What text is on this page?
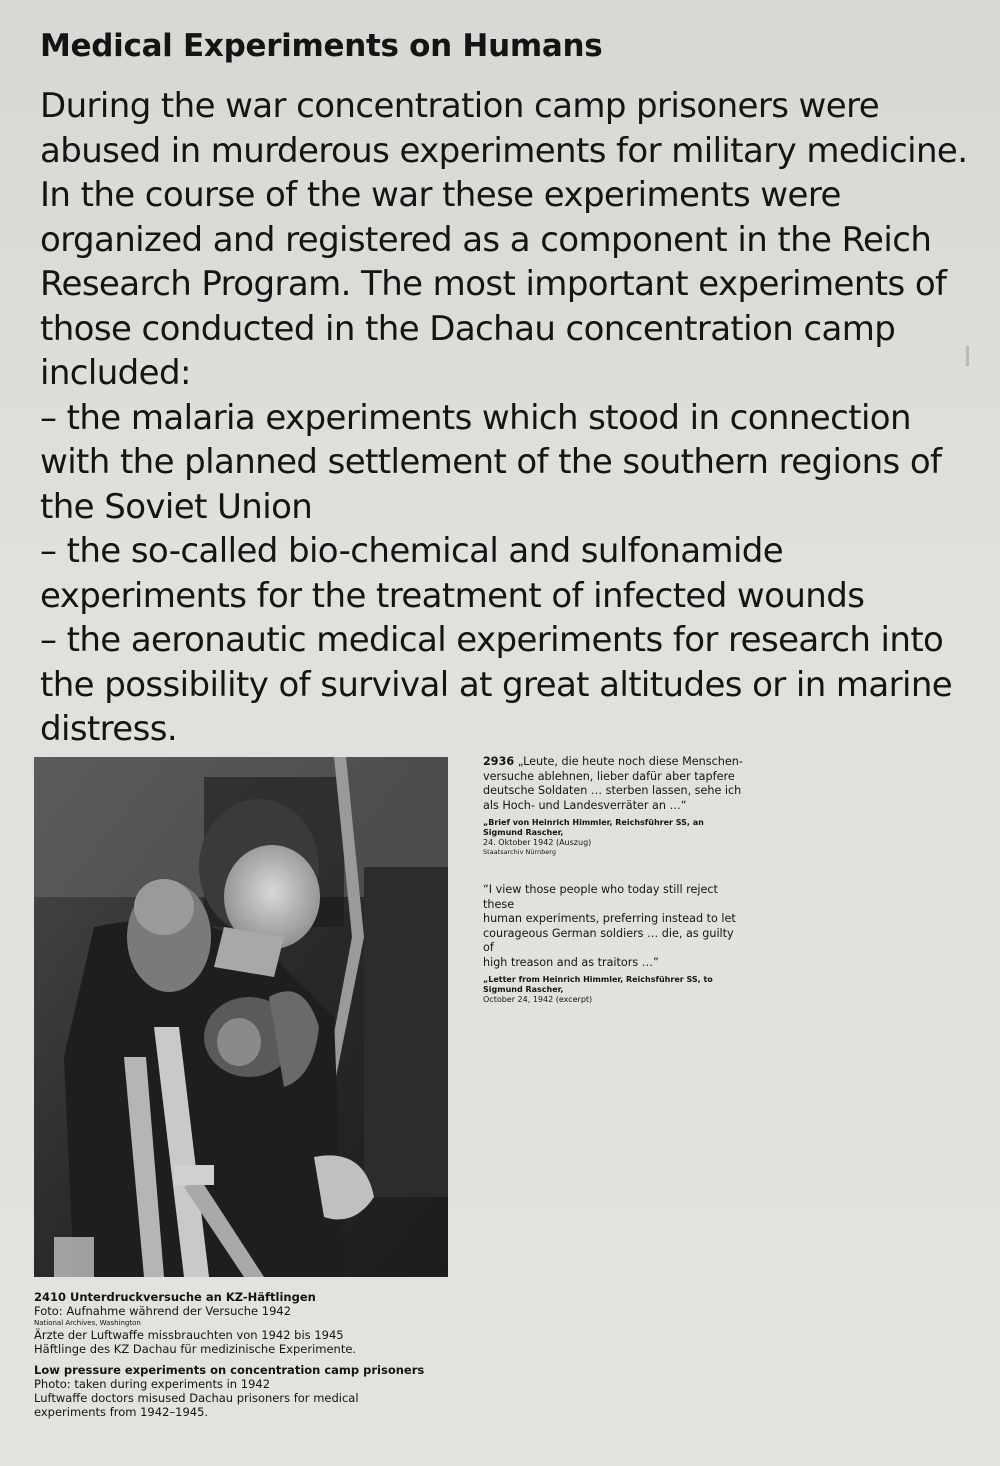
Medical Experiments on Humans

During the war concentration camp prisoners were abused in murderous experiments for military medicine. In the course of the war these experiments were organized and registered as a component in the Reich Research Program. The most important experiments of those conducted in the Dachau concentration camp included:

– the malaria experiments which stood in connection with the planned settlement of the southern regions of the Soviet Union

– the so-called bio-chemical and sulfonamide experiments for the treatment of infected wounds

– the aeronautic medical experiments for research into the possibility of survival at great altitudes or in marine distress.

2410 Unterdruckversuche an KZ-Häftlingen
Foto: Aufnahme während der Versuche 1942
National Archives, Washington
Ärzte der Luftwaffe missbrauchten von 1942 bis 1945
Häftlinge des KZ Dachau für medizinische Experimente.
Low pressure experiments on concentration camp prisoners
Photo: taken during experiments in 1942
Luftwaffe doctors misused Dachau prisoners for medical
experiments from 1942–1945.
2936 „Leute, die heute noch diese Menschen-
versuche ablehnen, lieber dafür aber tapfere
deutsche Soldaten … sterben lassen, sehe ich
als Hoch- und Landesverräter an …“
„Brief von Heinrich Himmler, Reichsführer SS, an Sigmund Rascher,
24. Oktober 1942 (Auszug)
Staatsarchiv Nürnberg
“I view those people who today still reject these
human experiments, preferring instead to let
courageous German soldiers … die, as guilty of
high treason and as traitors …”
„Letter from Heinrich Himmler, Reichsführer SS, to Sigmund Rascher,
October 24, 1942 (excerpt)
